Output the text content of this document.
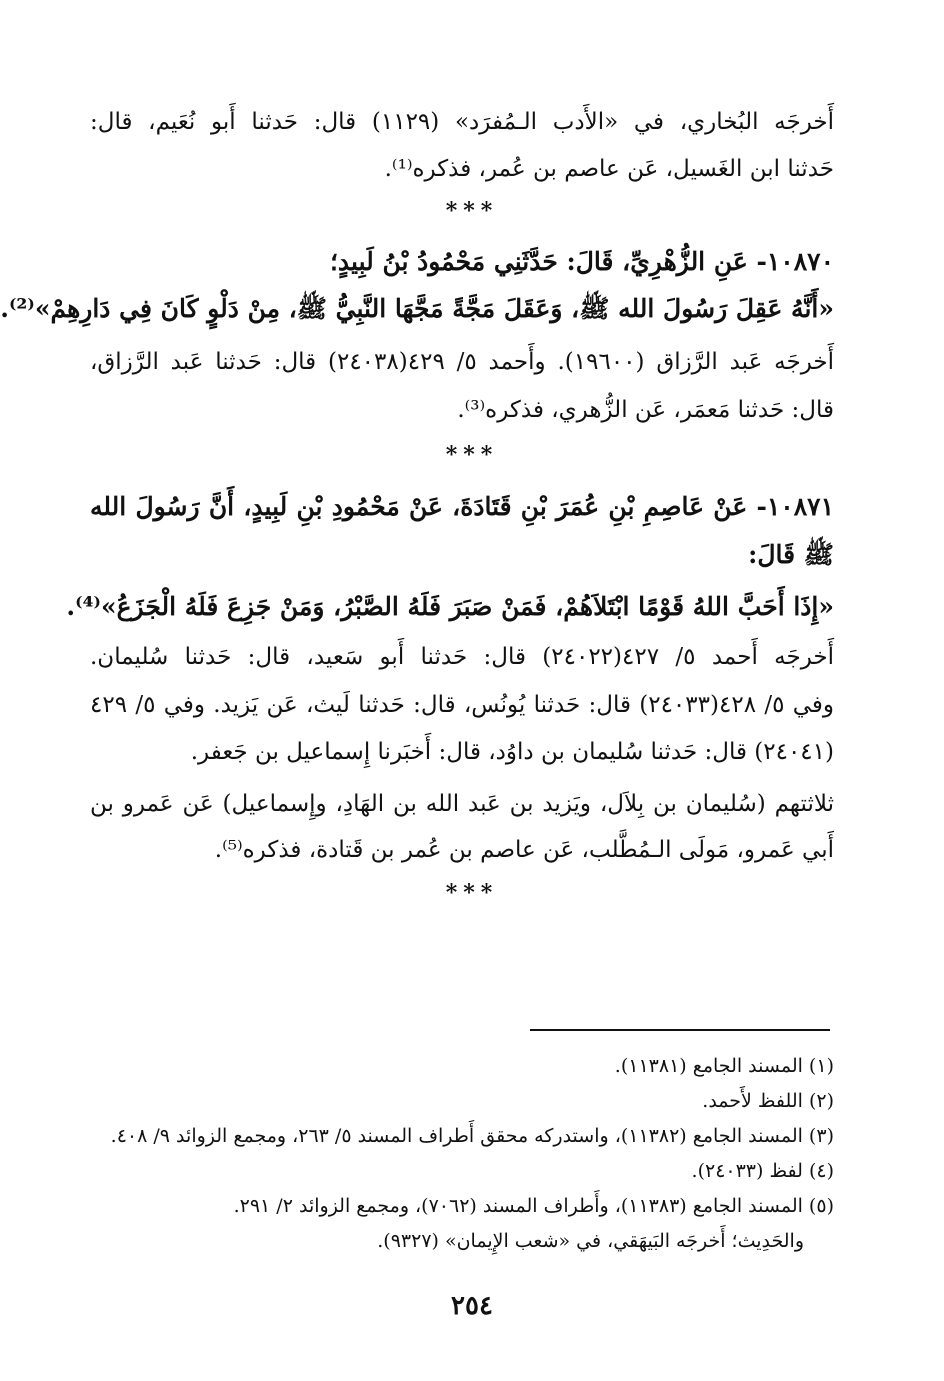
أَخرجَه البُخاري، في «الأَدب الـمُفرَد» (١١٢٩) قال: حَدثنا أَبو نُعَيم، قال:
حَدثنا ابن الغَسيل، عَن عاصم بن عُمر، فذكره⁽¹⁾.
***
١٠٨٧٠- عَنِ الزُّهْرِيِّ، قَالَ: حَدَّثَنِي مَحْمُودُ بْنُ لَبِيدٍ؛
«أَنَّهُ عَقِلَ رَسُولَ الله ﷺ، وَعَقَلَ مَجَّةً مَجَّهَا النَّبِيُّ ﷺ، مِنْ دَلْوٍ كَانَ فِي دَارِهِمْ»⁽²⁾.
أَخرجَه عَبد الرَّزاق (١٩٦٠٠). وأَحمد ٥/ ٤٢٩(٢٤٠٣٨) قال: حَدثنا عَبد الرَّزاق،
قال: حَدثنا مَعمَر، عَن الزُّهري، فذكره⁽³⁾.
***
١٠٨٧١- عَنْ عَاصِمِ بْنِ عُمَرَ بْنِ قَتَادَةَ، عَنْ مَحْمُودِ بْنِ لَبِيدٍ، أَنَّ رَسُولَ الله
ﷺ قَالَ:
«إِذَا أَحَبَّ اللهُ قَوْمًا ابْتَلاَهُمْ، فَمَنْ صَبَرَ فَلَهُ الصَّبْرُ، وَمَنْ جَزِعَ فَلَهُ الْجَزَعُ»⁽⁴⁾.
أَخرجَه أَحمد ٥/ ٤٢٧(٢٤٠٢٢) قال: حَدثنا أَبو سَعيد، قال: حَدثنا سُليمان.
وفي ٥/ ٤٢٨(٢٤٠٣٣) قال: حَدثنا يُونُس، قال: حَدثنا لَيث، عَن يَزيد. وفي ٥/ ٤٢٩
(٢٤٠٤١) قال: حَدثنا سُليمان بن داوُد، قال: أَخبَرنا إِسماعيل بن جَعفر.
ثلاثتهم (سُليمان بن بِلاَل، ويَزيد بن عَبد الله بن الهَادِ، وإِسماعيل) عَن عَمرو بن
أَبي عَمرو، مَولَى الـمُطَّلب، عَن عاصم بن عُمر بن قَتادة، فذكره⁽⁵⁾.
***
(١) المسند الجامع (١١٣٨١).
(٢) اللفظ لأَحمد.
(٣) المسند الجامع (١١٣٨٢)، واستدركه محقق أَطراف المسند ٥/ ٢٦٣، ومجمع الزوائد ٩/ ٤٠٨.
(٤) لفظ (٢٤٠٣٣).
(٥) المسند الجامع (١١٣٨٣)، وأَطراف المسند (٧٠٦٢)، ومجمع الزوائد ٢/ ٢٩١.
والحَدِيث؛ أَخرجَه البَيهَقي، في «شعب الإِيمان» (٩٣٢٧).
٢٥٤
